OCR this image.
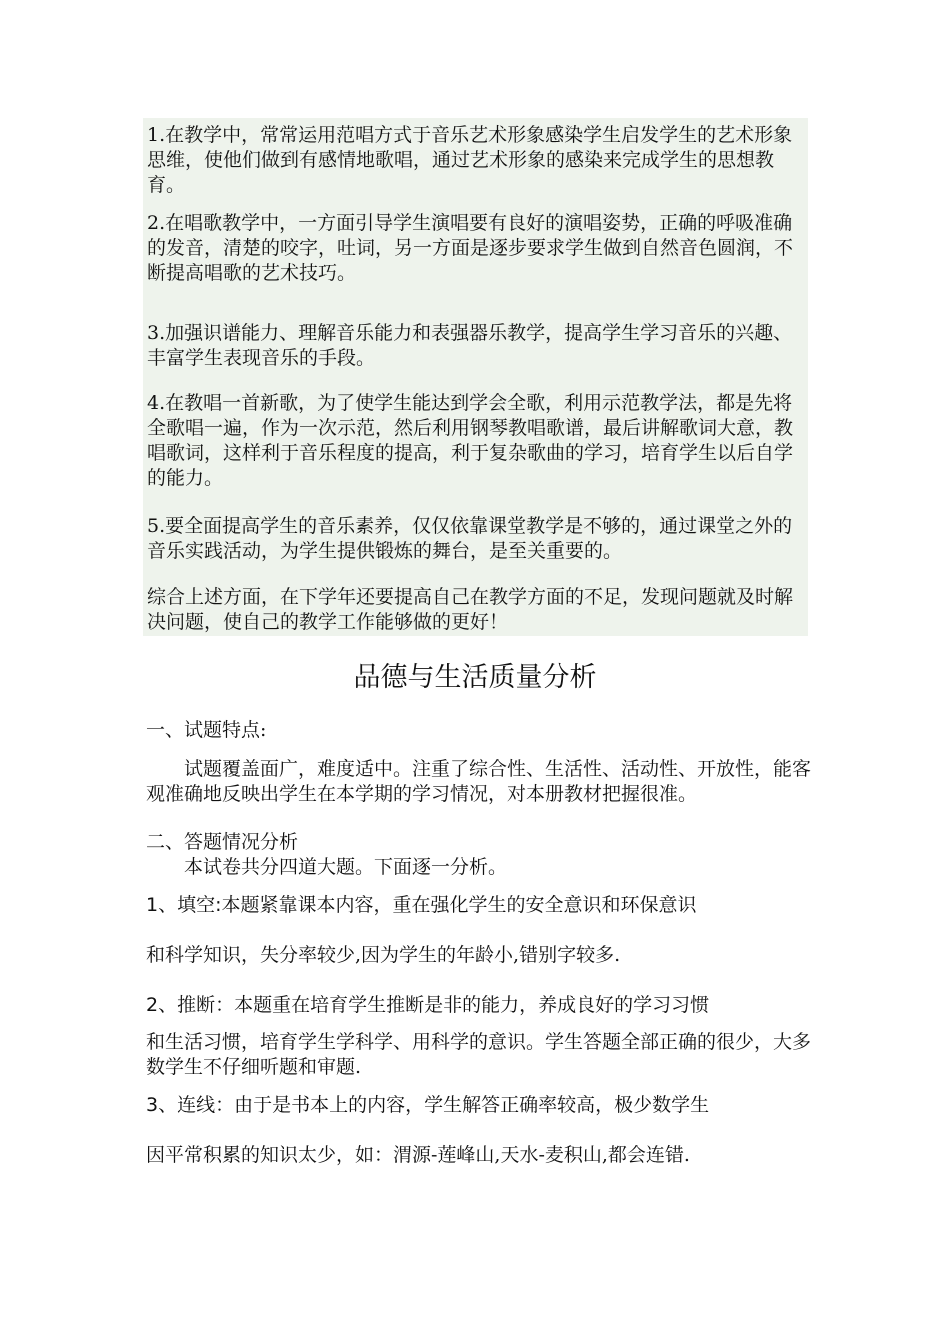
1.在教学中，常常运用范唱方式于音乐艺术形象感染学生启发学生的艺术形象思维，使他们做到有感情地歌唱，通过艺术形象的感染来完成学生的思想教育。

2.在唱歌教学中，一方面引导学生演唱要有良好的演唱姿势，正确的呼吸准确的发音，清楚的咬字，吐词，另一方面是逐步要求学生做到自然音色圆润，不断提高唱歌的艺术技巧。

3.加强识谱能力、理解音乐能力和表强器乐教学，提高学生学习音乐的兴趣、丰富学生表现音乐的手段。

4.在教唱一首新歌，为了使学生能达到学会全歌，利用示范教学法，都是先将全歌唱一遍，作为一次示范，然后利用钢琴教唱歌谱，最后讲解歌词大意，教唱歌词，这样利于音乐程度的提高，利于复杂歌曲的学习，培育学生以后自学的能力。

5.要全面提高学生的音乐素养，仅仅依靠课堂教学是不够的，通过课堂之外的音乐实践活动，为学生提供锻炼的舞台，是至关重要的。

综合上述方面，在下学年还要提高自己在教学方面的不足，发现问题就及时解决问题，使自己的教学工作能够做的更好！

品德与生活质量分析
一、试题特点:

试题覆盖面广，难度适中。注重了综合性、生活性、活动性、开放性，能客观准确地反映出学生在本学期的学习情况，对本册教材把握很准。

二、答题情况分析

本试卷共分四道大题。下面逐一分析。

1、填空:本题紧靠课本内容，重在强化学生的安全意识和环保意识

和科学知识，失分率较少,因为学生的年龄小,错别字较多.

2、推断：本题重在培育学生推断是非的能力，养成良好的学习习惯

和生活习惯，培育学生学科学、用科学的意识。学生答题全部正确的很少，大多数学生不仔细听题和审题.

3、连线：由于是书本上的内容，学生解答正确率较高，极少数学生

因平常积累的知识太少，如：渭源-莲峰山,天水-麦积山,都会连错.
